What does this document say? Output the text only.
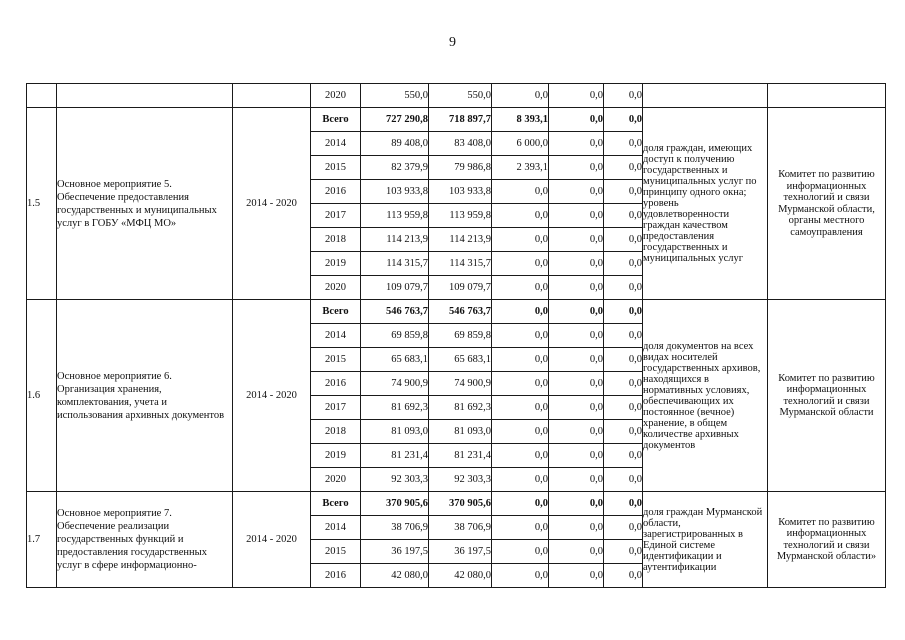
9
			2020	550,0	550,0	0,0	0,0	0,0		
1.5	Основное мероприятие 5. Обеспечение предоставления государственных и муниципальных услуг в ГОБУ «МФЦ МО»	2014 - 2020	Всего	727 290,8	718 897,7	8 393,1	0,0	0,0	доля граждан, имеющих доступ к получению государственных и муниципальных услуг по принципу одного окна; уровень удовлетворенности граждан качеством предоставления государственных и муниципальных услуг	Комитет по развитию информационных технологий и связи Мурманской области, органы местного самоуправления
			2014	89 408,0	83 408,0	6 000,0	0,0	0,0		
			2015	82 379,9	79 986,8	2 393,1	0,0	0,0		
			2016	103 933,8	103 933,8	0,0	0,0	0,0		
			2017	113 959,8	113 959,8	0,0	0,0	0,0		
			2018	114 213,9	114 213,9	0,0	0,0	0,0		
			2019	114 315,7	114 315,7	0,0	0,0	0,0		
			2020	109 079,7	109 079,7	0,0	0,0	0,0		
1.6	Основное мероприятие 6. Организация хранения, комплектования, учета и использования архивных документов	2014 - 2020	Всего	546 763,7	546 763,7	0,0	0,0	0,0	доля документов на всех видах носителей государственных архивов, находящихся в нормативных условиях, обеспечивающих их постоянное (вечное) хранение, в общем количестве архивных документов	Комитет по развитию информационных технологий и связи Мурманской области
			2014	69 859,8	69 859,8	0,0	0,0	0,0		
			2015	65 683,1	65 683,1	0,0	0,0	0,0		
			2016	74 900,9	74 900,9	0,0	0,0	0,0		
			2017	81 692,3	81 692,3	0,0	0,0	0,0		
			2018	81 093,0	81 093,0	0,0	0,0	0,0		
			2019	81 231,4	81 231,4	0,0	0,0	0,0		
			2020	92 303,3	92 303,3	0,0	0,0	0,0		
1.7	Основное мероприятие 7. Обеспечение реализации государственных функций и предоставления государственных услуг в сфере информационно-	2014 - 2020	Всего	370 905,6	370 905,6	0,0	0,0	0,0	доля граждан Мурманской области, зарегистрированных в Единой системе идентификации и аутентификации	Комитет по развитию информационных технологий и связи Мурманской области»
			2014	38 706,9	38 706,9	0,0	0,0	0,0		
			2015	36 197,5	36 197,5	0,0	0,0	0,0		
			2016	42 080,0	42 080,0	0,0	0,0	0,0		
